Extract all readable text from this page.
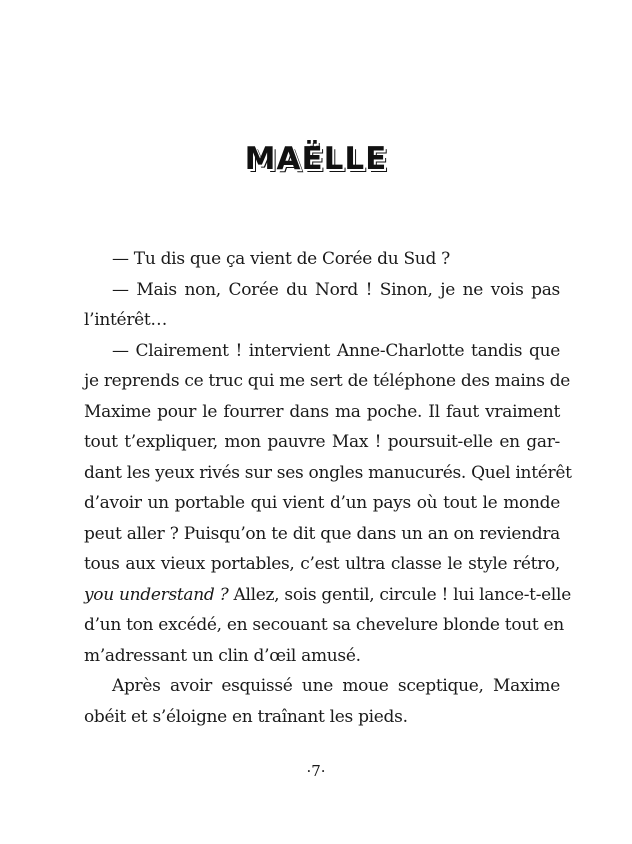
MAËLLE

— Tu dis que ça vient de Corée du Sud ?

— Mais non, Corée du Nord ! Sinon, je ne vois pas
l’intérêt…

— Clairement ! intervient Anne-Charlotte tandis que
je reprends ce truc qui me sert de téléphone des mains de
Maxime pour le fourrer dans ma poche. Il faut vraiment
tout t’expliquer, mon pauvre Max ! poursuit-elle en gar-
dant les yeux rivés sur ses ongles manucurés. Quel intérêt
d’avoir un portable qui vient d’un pays où tout le monde
peut aller ? Puisqu’on te dit que dans un an on reviendra
tous aux vieux portables, c’est ultra classe le style rétro,
you understand ? Allez, sois gentil, circule ! lui lance-t-elle
d’un ton excédé, en secouant sa chevelure blonde tout en
m’adressant un clin d’œil amusé.

Après avoir esquissé une moue sceptique, Maxime
obéit et s’éloigne en traînant les pieds.

·7·
